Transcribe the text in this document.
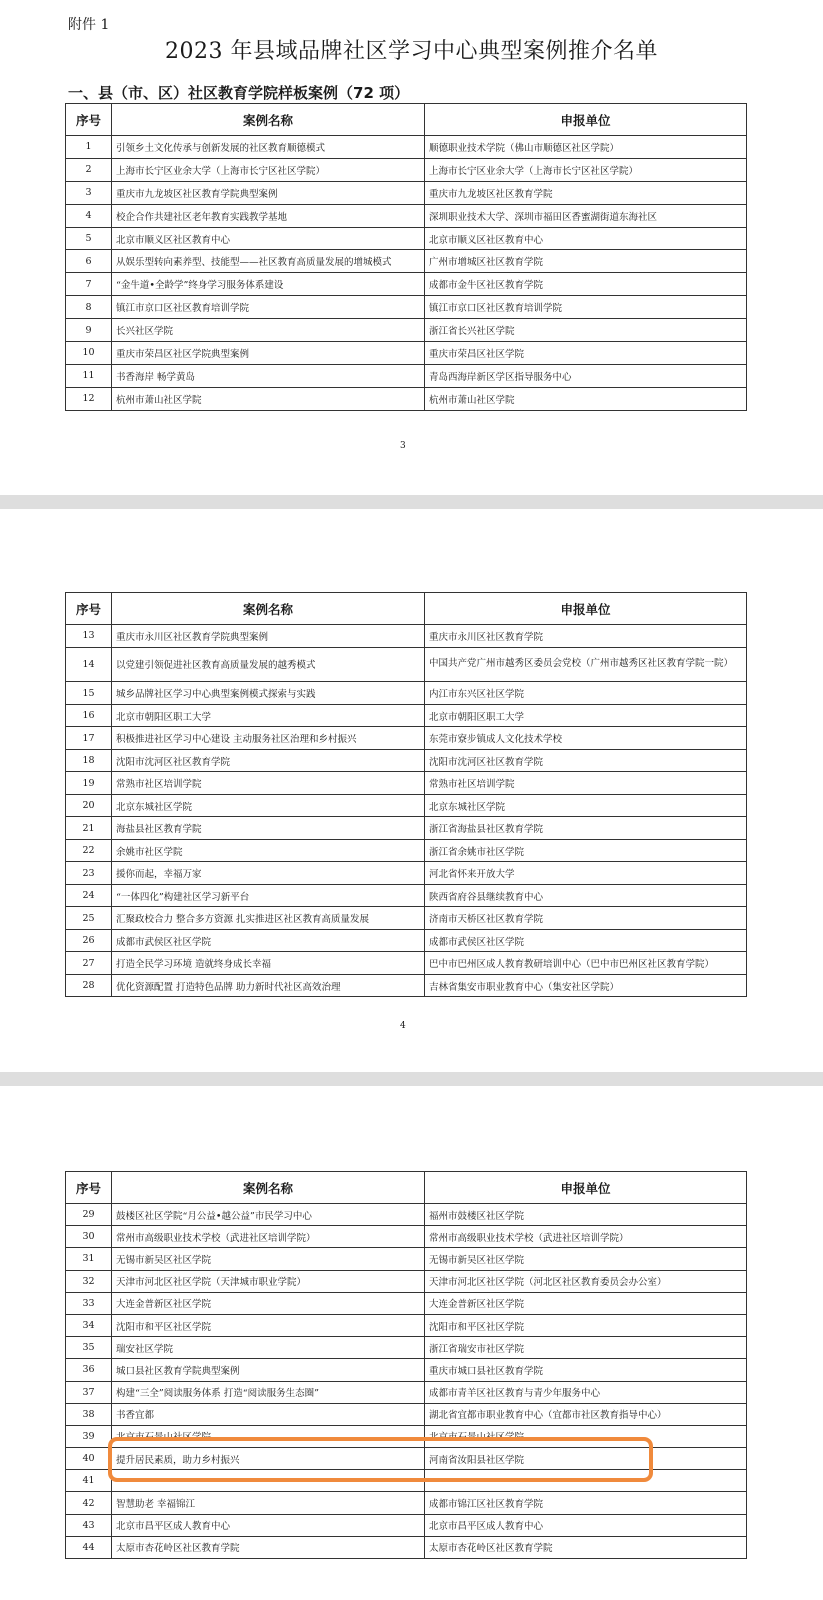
附件 1
2023 年县域品牌社区学习中心典型案例推介名单
一、县（市、区）社区教育学院样板案例（72 项）
序号	案例名称	申报单位
1	引领乡土文化传承与创新发展的社区教育顺德模式	顺德职业技术学院（佛山市顺德区社区学院）
2	上海市长宁区业余大学（上海市长宁区社区学院）	上海市长宁区业余大学（上海市长宁区社区学院）
3	重庆市九龙坡区社区教育学院典型案例	重庆市九龙坡区社区教育学院
4	校企合作共建社区老年教育实践教学基地	深圳职业技术大学、深圳市福田区香蜜湖街道东海社区
5	北京市顺义区社区教育中心	北京市顺义区社区教育中心
6	从娱乐型转向素养型、技能型——社区教育高质量发展的增城模式	广州市增城区社区教育学院
7	“金牛道•全龄学”终身学习服务体系建设	成都市金牛区社区教育学院
8	镇江市京口区社区教育培训学院	镇江市京口区社区教育培训学院
9	长兴社区学院	浙江省长兴社区学院
10	重庆市荣昌区社区学院典型案例	重庆市荣昌区社区学院
11	书香海岸 畅学黄岛	青岛西海岸新区学区指导服务中心
12	杭州市萧山社区学院	杭州市萧山社区学院
3
序号	案例名称	申报单位
13	重庆市永川区社区教育学院典型案例	重庆市永川区社区教育学院
14	以党建引领促进社区教育高质量发展的越秀模式	中国共产党广州市越秀区委员会党校（广州市越秀区社区教育学院一院）
15	城乡品牌社区学习中心典型案例模式探索与实践	内江市东兴区社区学院
16	北京市朝阳区职工大学	北京市朝阳区职工大学
17	积极推进社区学习中心建设 主动服务社区治理和乡村振兴	东莞市寮步镇成人文化技术学校
18	沈阳市沈河区社区教育学院	沈阳市沈河区社区教育学院
19	常熟市社区培训学院	常熟市社区培训学院
20	北京东城社区学院	北京东城社区学院
21	海盐县社区教育学院	浙江省海盐县社区教育学院
22	余姚市社区学院	浙江省余姚市社区学院
23	援你而起，幸福万家	河北省怀来开放大学
24	“一体四化”构建社区学习新平台	陕西省府谷县继续教育中心
25	汇聚政校合力 整合多方资源 扎实推进区社区教育高质量发展	济南市天桥区社区教育学院
26	成都市武侯区社区学院	成都市武侯区社区学院
27	打造全民学习环境 造就终身成长幸福	巴中市巴州区成人教育教研培训中心（巴中市巴州区社区教育学院）
28	优化资源配置 打造特色品牌 助力新时代社区高效治理	吉林省集安市职业教育中心（集安社区学院）
4
序号	案例名称	申报单位
29	鼓楼区社区学院“月公益•越公益”市民学习中心	福州市鼓楼区社区学院
30	常州市高级职业技术学校（武进社区培训学院）	常州市高级职业技术学校（武进社区培训学院）
31	无锡市新吴区社区学院	无锡市新吴区社区学院
32	天津市河北区社区学院（天津城市职业学院）	天津市河北区社区学院（河北区社区教育委员会办公室）
33	大连金普新区社区学院	大连金普新区社区学院
34	沈阳市和平区社区学院	沈阳市和平区社区学院
35	瑞安社区学院	浙江省瑞安市社区学院
36	城口县社区教育学院典型案例	重庆市城口县社区教育学院
37	构建“三全”阅读服务体系 打造“阅读服务生态圈”	成都市青羊区社区教育与青少年服务中心
38	书香宜都	湖北省宜都市职业教育中心（宜都市社区教育指导中心）
39	北京市石景山社区学院	北京市石景山社区学院
40	提升居民素质，助力乡村振兴	河南省汝阳县社区学院
41		
42	智慧助老 幸福锦江	成都市锦江区社区教育学院
43	北京市昌平区成人教育中心	北京市昌平区成人教育中心
44	太原市杏花岭区社区教育学院	太原市杏花岭区社区教育学院
